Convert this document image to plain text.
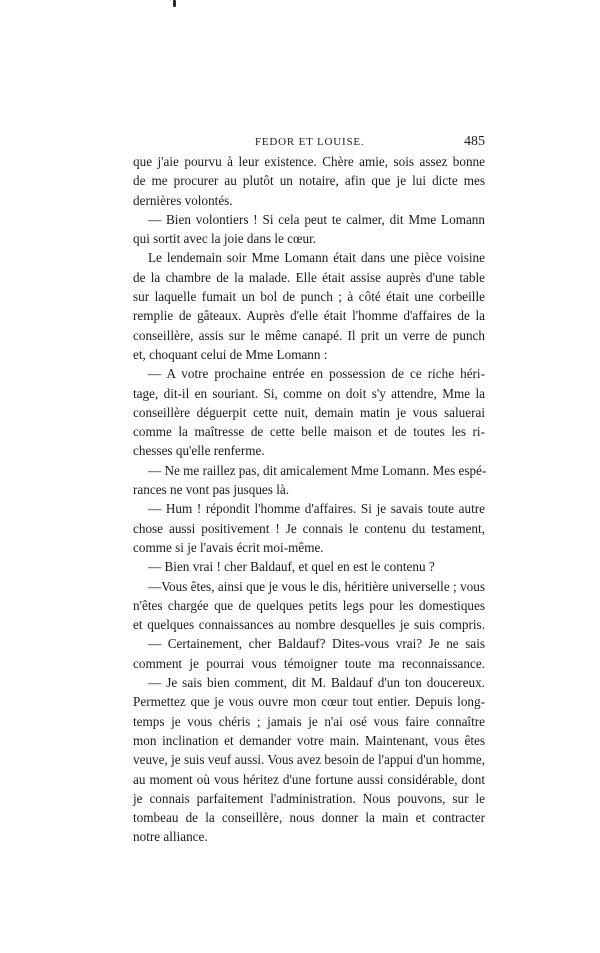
FEDOR ET LOUISE.	485
que j'aie pourvu à leur existence. Chère amie, sois assez bonne
de me procurer au plutôt un notaire, afin que je lui dicte mes
dernières volontés.
— Bien volontiers ! Si cela peut te calmer, dit Mme Lomann
qui sortit avec la joie dans le cœur.
Le lendemain soir Mme Lomann était dans une pièce voisine
de la chambre de la malade. Elle était assise auprès d'une table
sur laquelle fumait un bol de punch ; à côté était une corbeille
remplie de gâteaux. Auprès d'elle était l'homme d'affaires de la
conseillère, assis sur le même canapé. Il prit un verre de punch
et, choquant celui de Mme Lomann :
— A votre prochaine entrée en possession de ce riche héri-
tage, dit-il en souriant. Si, comme on doit s'y attendre, Mme la
conseillère déguerpit cette nuit, demain matin je vous saluerai
comme la maîtresse de cette belle maison et de toutes les ri-
chesses qu'elle renferme.
— Ne me raillez pas, dit amicalement Mme Lomann. Mes espé-
rances ne vont pas jusques là.
— Hum ! répondit l'homme d'affaires. Si je savais toute autre
chose aussi positivement ! Je connais le contenu du testament,
comme si je l'avais écrit moi-même.
— Bien vrai ! cher Baldauf, et quel en est le contenu ?
—Vous êtes, ainsi que je vous le dis, héritière universelle ; vous
n'êtes chargée que de quelques petits legs pour les domestiques
et quelques connaissances au nombre desquelles je suis compris.
— Certainement, cher Baldauf? Dites-vous vrai? Je ne sais
comment je pourrai vous témoigner toute ma reconnaissance.
— Je sais bien comment, dit M. Baldauf d'un ton doucereux.
Permettez que je vous ouvre mon cœur tout entier. Depuis long-
temps je vous chéris ; jamais je n'ai osé vous faire connaître
mon inclination et demander votre main. Maintenant, vous êtes
veuve, je suis veuf aussi. Vous avez besoin de l'appui d'un homme,
au moment où vous héritez d'une fortune aussi considérable, dont
je connais parfaitement l'administration. Nous pouvons, sur le
tombeau de la conseillère, nous donner la main et contracter
notre alliance.
